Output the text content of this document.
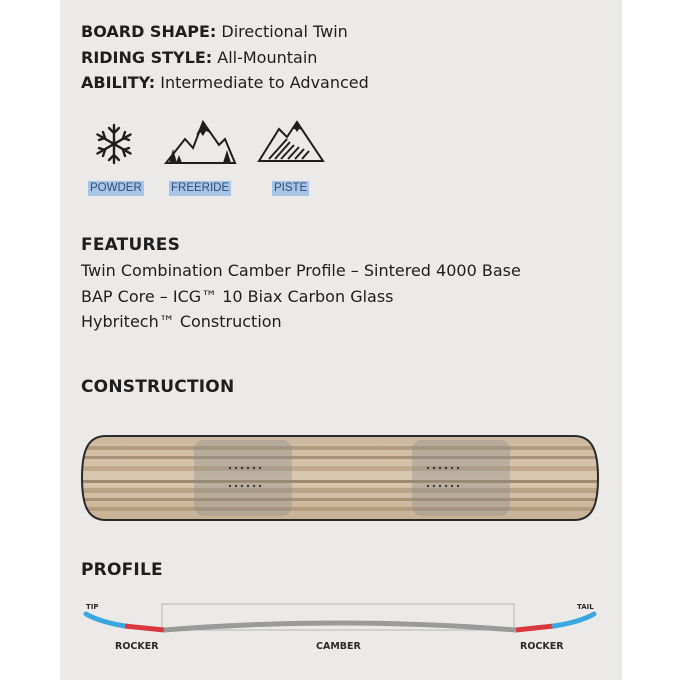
BOARD SHAPE: Directional Twin
RIDING STYLE: All-Mountain
ABILITY: Intermediate to Advanced
POWDER	FREERIDE	PISTE
FEATURES
Twin Combination Camber Profile – Sintered 4000 Base
BAP Core – ICG™ 10 Biax Carbon Glass
Hybritech™ Construction
CONSTRUCTION
PROFILE
TIP	TAIL
ROCKER	CAMBER	ROCKER
